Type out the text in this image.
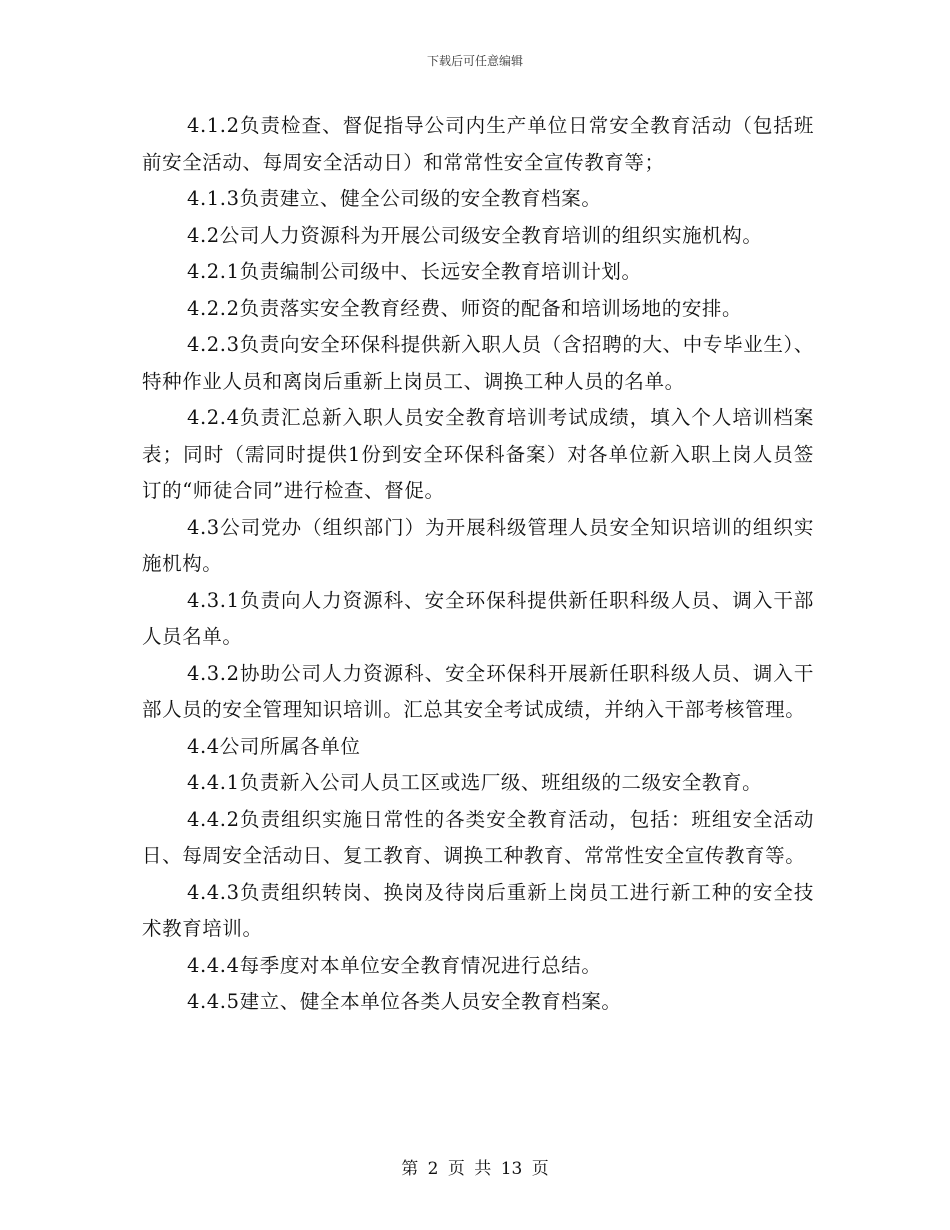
下载后可任意编辑

4.1.2负责检查、督促指导公司内生产单位日常安全教育活动（包括班前安全活动、每周安全活动日）和常常性安全宣传教育等；

4.1.3负责建立、健全公司级的安全教育档案。

4.2公司人力资源科为开展公司级安全教育培训的组织实施机构。

4.2.1负责编制公司级中、长远安全教育培训计划。

4.2.2负责落实安全教育经费、师资的配备和培训场地的安排。

4.2.3负责向安全环保科提供新入职人员（含招聘的大、中专毕业生）、特种作业人员和离岗后重新上岗员工、调换工种人员的名单。

4.2.4负责汇总新入职人员安全教育培训考试成绩，填入个人培训档案表；同时（需同时提供1份到安全环保科备案）对各单位新入职上岗人员签订的“师徒合同”进行检查、督促。

4.3公司党办（组织部门）为开展科级管理人员安全知识培训的组织实施机构。

4.3.1负责向人力资源科、安全环保科提供新任职科级人员、调入干部人员名单。

4.3.2协助公司人力资源科、安全环保科开展新任职科级人员、调入干部人员的安全管理知识培训。汇总其安全考试成绩，并纳入干部考核管理。

4.4公司所属各单位

4.4.1负责新入公司人员工区或选厂级、班组级的二级安全教育。

4.4.2负责组织实施日常性的各类安全教育活动，包括：班组安全活动日、每周安全活动日、复工教育、调换工种教育、常常性安全宣传教育等。

4.4.3负责组织转岗、换岗及待岗后重新上岗员工进行新工种的安全技术教育培训。

4.4.4每季度对本单位安全教育情况进行总结。

4.4.5建立、健全本单位各类人员安全教育档案。

第 2 页 共 13 页
